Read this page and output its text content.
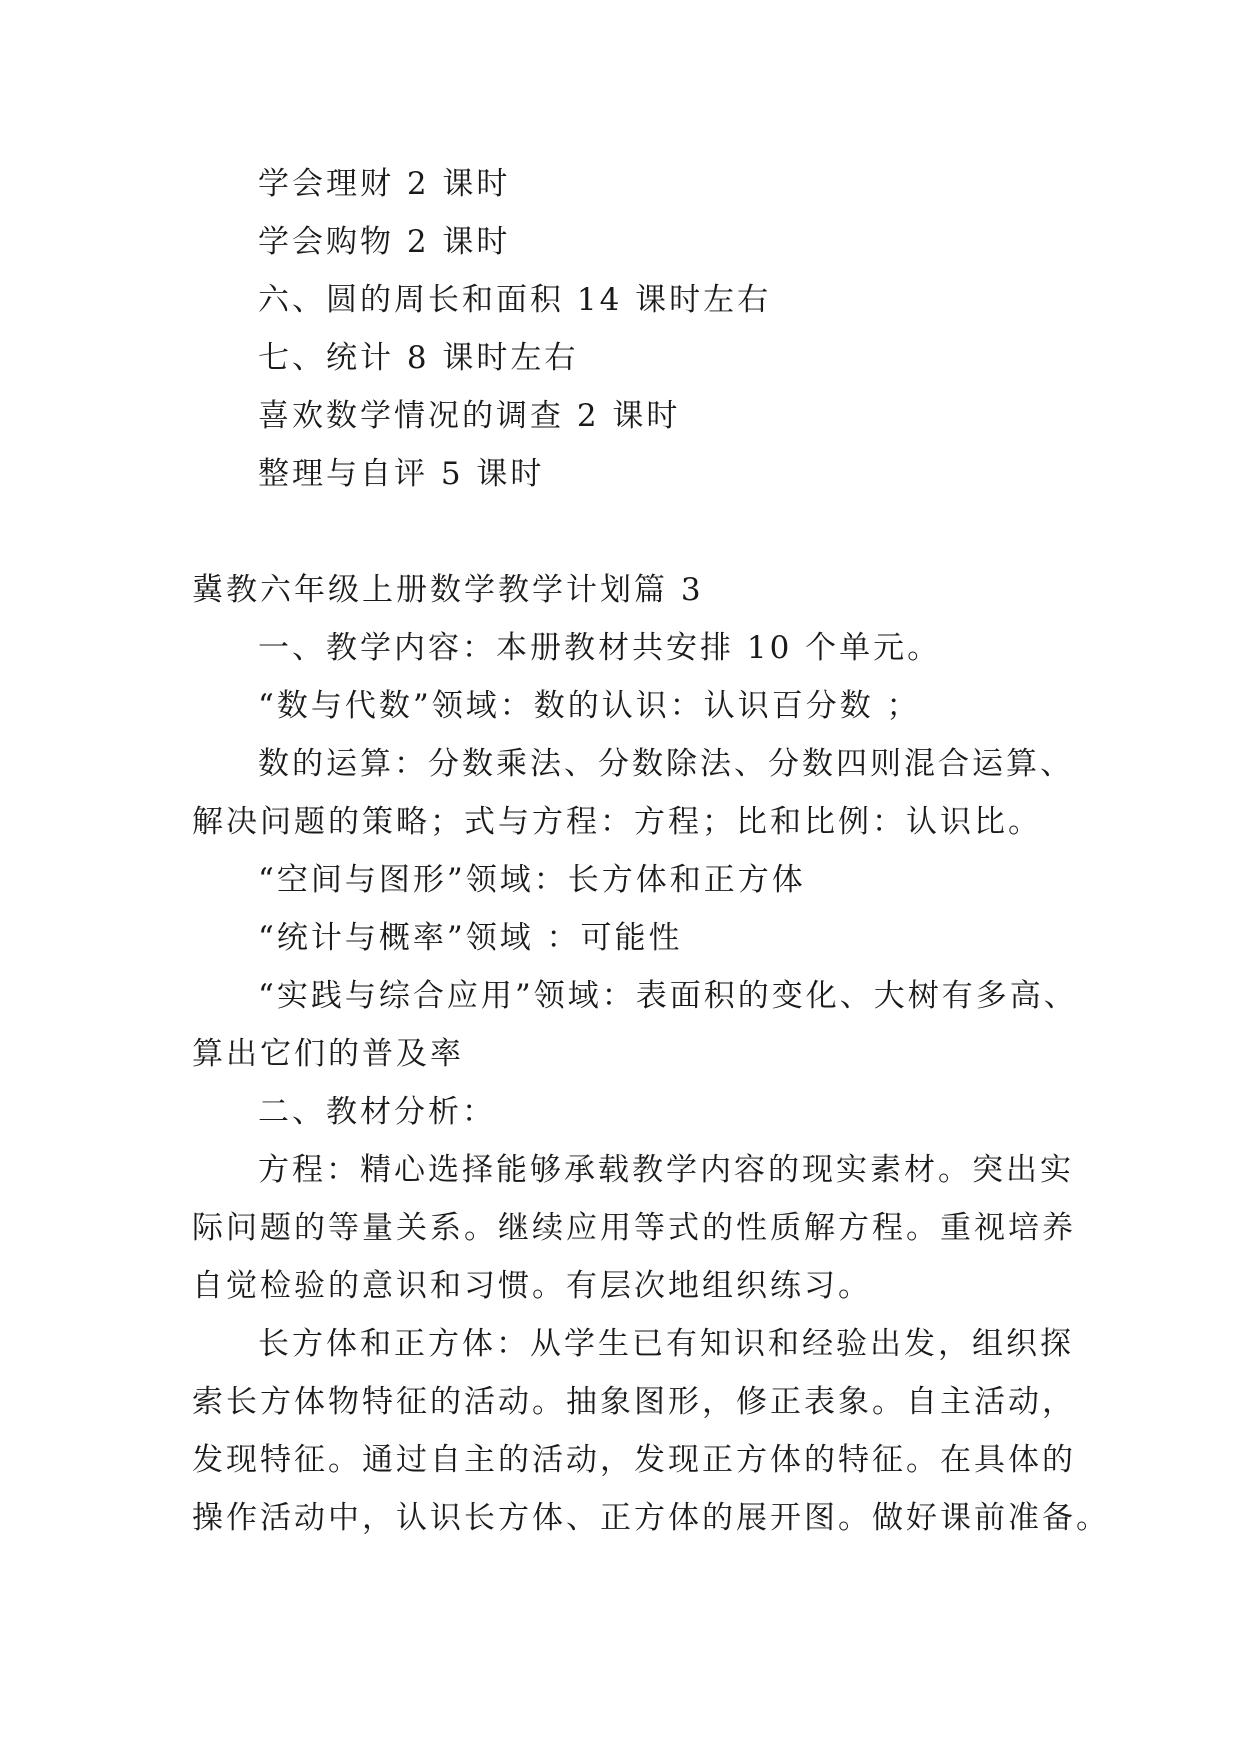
学会理财 2 课时
学会购物 2 课时
六、圆的周长和面积 14 课时左右
七、统计 8 课时左右
喜欢数学情况的调查 2 课时
整理与自评 5 课时
冀教六年级上册数学教学计划篇 3
一、教学内容：本册教材共安排 10 个单元。
“数与代数”领域：数的认识：认识百分数 ；
数的运算：分数乘法、分数除法、分数四则混合运算、
解决问题的策略；式与方程：方程；比和比例：认识比。
“空间与图形”领域：长方体和正方体
“统计与概率”领域 ：可能性
“实践与综合应用”领域：表面积的变化、大树有多高、
算出它们的普及率
二、教材分析：
方程：精心选择能够承载教学内容的现实素材。突出实
际问题的等量关系。继续应用等式的性质解方程。重视培养
自觉检验的意识和习惯。有层次地组织练习。
长方体和正方体：从学生已有知识和经验出发，组织探
索长方体物特征的活动。抽象图形，修正表象。自主活动，
发现特征。通过自主的活动，发现正方体的特征。在具体的
操作活动中，认识长方体、正方体的展开图。做好课前准备。
